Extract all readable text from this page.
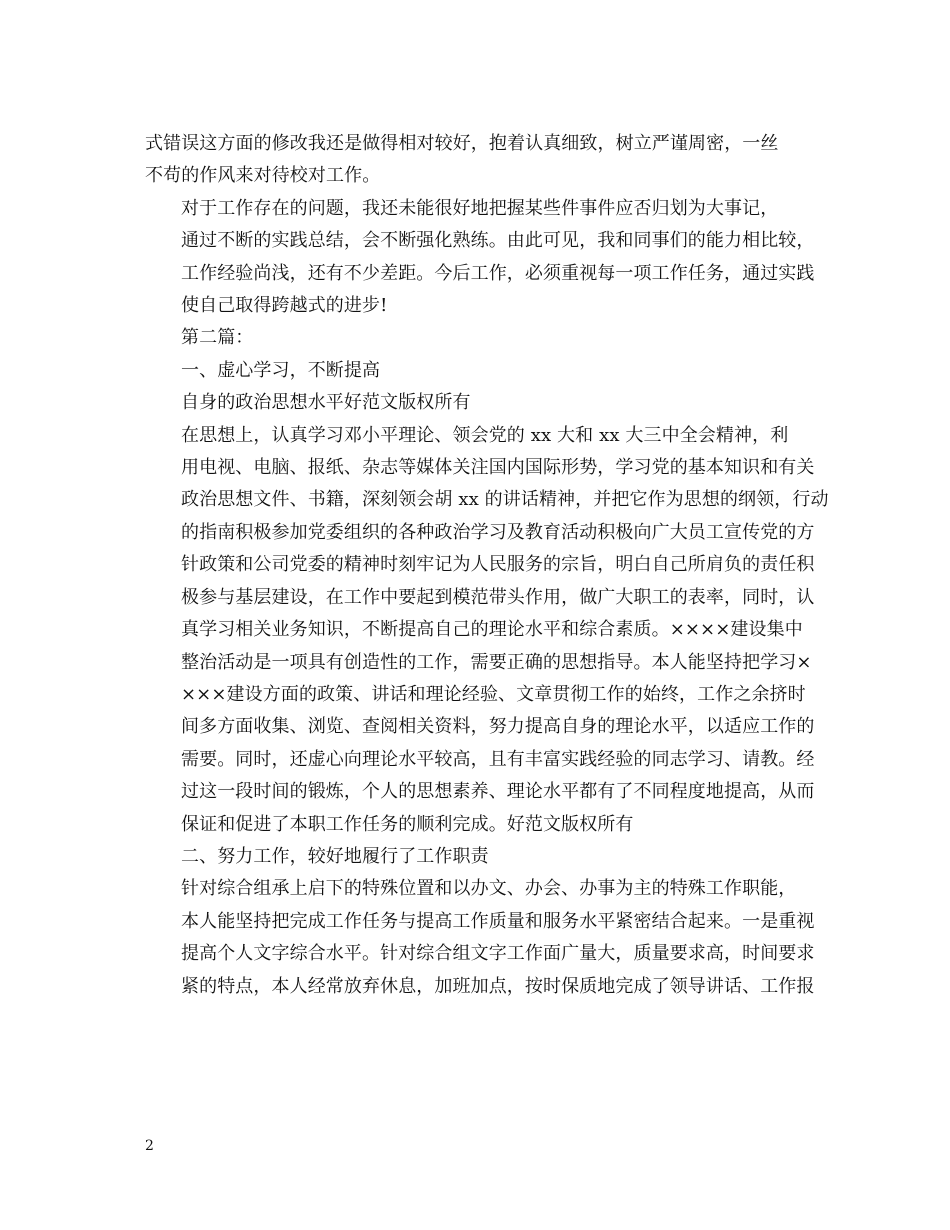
式错误这方面的修改我还是做得相对较好，抱着认真细致，树立严谨周密，一丝
不苟的作风来对待校对工作。

对于工作存在的问题，我还未能很好地把握某些件事件应否归划为大事记，
通过不断的实践总结，会不断强化熟练。由此可见，我和同事们的能力相比较，
工作经验尚浅，还有不少差距。今后工作，必须重视每一项工作任务，通过实践
使自己取得跨越式的进步!

第二篇：

一、虚心学习，不断提高

自身的政治思想水平好范文版权所有

在思想上，认真学习邓小平理论、领会党的 xx 大和 xx 大三中全会精神，利
用电视、电脑、报纸、杂志等媒体关注国内国际形势，学习党的基本知识和有关
政治思想文件、书籍，深刻领会胡 xx 的讲话精神，并把它作为思想的纲领，行动
的指南积极参加党委组织的各种政治学习及教育活动积极向广大员工宣传党的方
针政策和公司党委的精神时刻牢记为人民服务的宗旨，明白自己所肩负的责任积
极参与基层建设，在工作中要起到模范带头作用，做广大职工的表率，同时，认
真学习相关业务知识，不断提高自己的理论水平和综合素质。××××建设集中
整治活动是一项具有创造性的工作，需要正确的思想指导。本人能坚持把学习×
×××建设方面的政策、讲话和理论经验、文章贯彻工作的始终，工作之余挤时
间多方面收集、浏览、查阅相关资料，努力提高自身的理论水平，以适应工作的
需要。同时，还虚心向理论水平较高，且有丰富实践经验的同志学习、请教。经
过这一段时间的锻炼，个人的思想素养、理论水平都有了不同程度地提高，从而
保证和促进了本职工作任务的顺利完成。好范文版权所有

二、努力工作，较好地履行了工作职责

针对综合组承上启下的特殊位置和以办文、办会、办事为主的特殊工作职能，
本人能坚持把完成工作任务与提高工作质量和服务水平紧密结合起来。一是重视
提高个人文字综合水平。针对综合组文字工作面广量大，质量要求高，时间要求
紧的特点，本人经常放弃休息，加班加点，按时保质地完成了领导讲话、工作报

2
